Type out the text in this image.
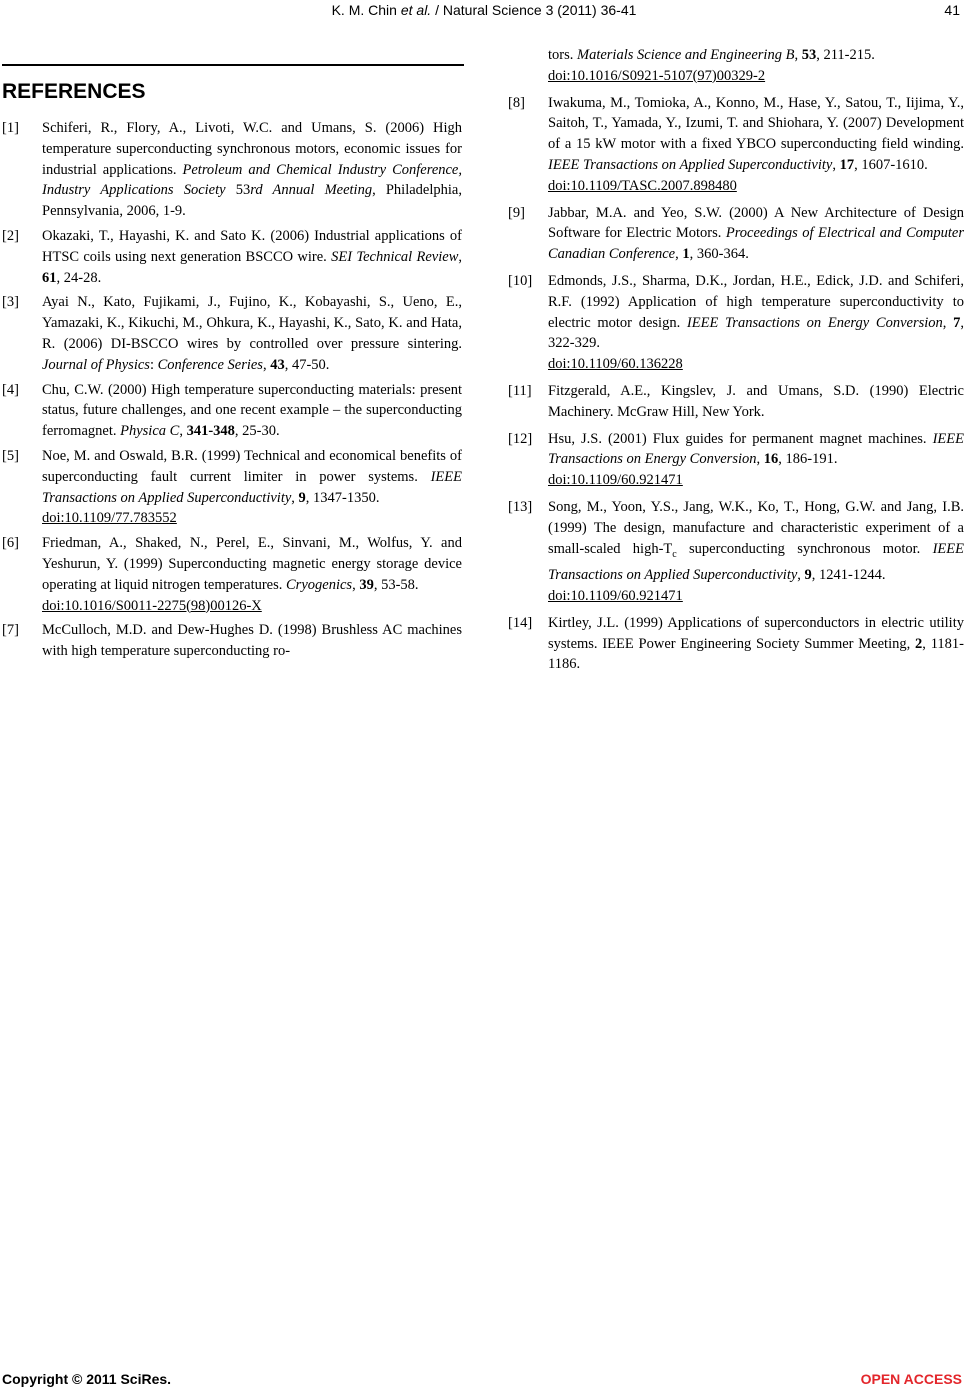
K. M. Chin et al. / Natural Science 3 (2011) 36-41	41
REFERENCES
[1] Schiferi, R., Flory, A., Livoti, W.C. and Umans, S. (2006) High temperature superconducting synchronous motors, economic issues for industrial applications. Petroleum and Chemical Industry Conference, Industry Applications Society 53rd Annual Meeting, Philadelphia, Pennsylvania, 2006, 1-9.
[2] Okazaki, T., Hayashi, K. and Sato K. (2006) Industrial applications of HTSC coils using next generation BSCCO wire. SEI Technical Review, 61, 24-28.
[3] Ayai N., Kato, Fujikami, J., Fujino, K., Kobayashi, S., Ueno, E., Yamazaki, K., Kikuchi, M., Ohkura, K., Hayashi, K., Sato, K. and Hata, R. (2006) DI-BSCCO wires by controlled over pressure sintering. Journal of Physics: Conference Series, 43, 47-50.
[4] Chu, C.W. (2000) High temperature superconducting materials: present status, future challenges, and one recent example – the superconducting ferromagnet. Physica C, 341-348, 25-30.
[5] Noe, M. and Oswald, B.R. (1999) Technical and economical benefits of superconducting fault current limiter in power systems. IEEE Transactions on Applied Superconductivity, 9, 1347-1350.
doi:10.1109/77.783552
[6] Friedman, A., Shaked, N., Perel, E., Sinvani, M., Wolfus, Y. and Yeshurun, Y. (1999) Superconducting magnetic energy storage device operating at liquid nitrogen temperatures. Cryogenics, 39, 53-58.
doi:10.1016/S0011-2275(98)00126-X
[7] McCulloch, M.D. and Dew-Hughes D. (1998) Brushless AC machines with high temperature superconducting ro-
tors. Materials Science and Engineering B, 53, 211-215.
doi:10.1016/S0921-5107(97)00329-2
[8] Iwakuma, M., Tomioka, A., Konno, M., Hase, Y., Satou, T., Iijima, Y., Saitoh, T., Yamada, Y., Izumi, T. and Shiohara, Y. (2007) Development of a 15 kW motor with a fixed YBCO superconducting field winding. IEEE Transactions on Applied Superconductivity, 17, 1607-1610.
doi:10.1109/TASC.2007.898480
[9] Jabbar, M.A. and Yeo, S.W. (2000) A New Architecture of Design Software for Electric Motors. Proceedings of Electrical and Computer Canadian Conference, 1, 360-364.
[10] Edmonds, J.S., Sharma, D.K., Jordan, H.E., Edick, J.D. and Schiferi, R.F. (1992) Application of high temperature superconductivity to electric motor design. IEEE Transactions on Energy Conversion, 7, 322-329.
doi:10.1109/60.136228
[11] Fitzgerald, A.E., Kingslev, J. and Umans, S.D. (1990) Electric Machinery. McGraw Hill, New York.
[12] Hsu, J.S. (2001) Flux guides for permanent magnet machines. IEEE Transactions on Energy Conversion, 16, 186-191.
doi:10.1109/60.921471
[13] Song, M., Yoon, Y.S., Jang, W.K., Ko, T., Hong, G.W. and Jang, I.B. (1999) The design, manufacture and characteristic experiment of a small-scaled high-$T_c$ superconducting synchronous motor. IEEE Transactions on Applied Superconductivity, 9, 1241-1244.
doi:10.1109/60.921471
[14] Kirtley, J.L. (1999) Applications of superconductors in electric utility systems. IEEE Power Engineering Society Summer Meeting, 2, 1181-1186.
Copyright © 2011 SciRes.	OPEN ACCESS
